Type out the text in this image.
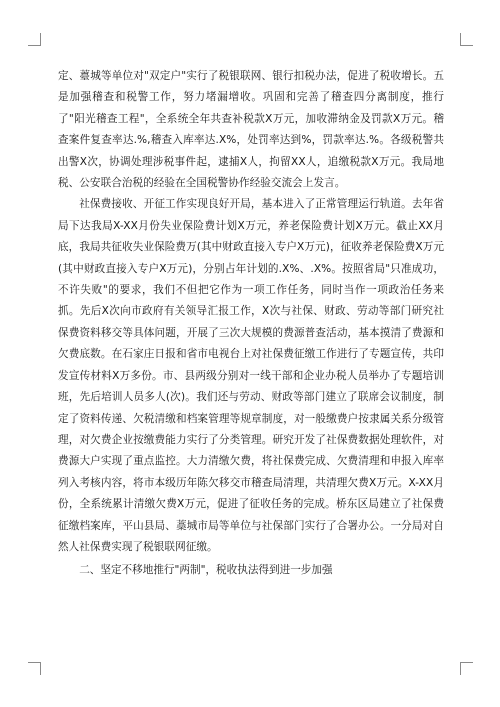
定、薹城等单位对"双定户"实行了税银联网、银行扣税办法，促进了税收增长。五是加强稽查和税警工作，努力堵漏增收。巩固和完善了稽查四分离制度，推行了"阳光稽查工程"，全系统全年共查补税款X万元，加收滞纳金及罚款X万元。稽查案件复查率达.%,稽查入库率达.X%，处罚率达到%，罚款率达.%。各级税警共出警X次，协调处理涉税事件起，逮捕X人，拘留XX人，追缴税款X万元。我局地税、公安联合治税的经验在全国税警协作经验交流会上发言。

社保费接收、开征工作实现良好开局，基本进入了正常管理运行轨道。去年省局下达我局X-XX月份失业保险费计划X万元，养老保险费计划X万元。截止XX月底，我局共征收失业保险费万(其中财政直接入专户X万元)，征收养老保险费X万元(其中财政直接入专户X万元)，分别占年计划的.X%、.X%。按照省局"只准成功，不许失败"的要求，我们不但把它作为一项工作任务，同时当作一项政治任务来抓。先后X次向市政府有关领导汇报工作，X次与社保、财政、劳动等部门研究社保费资料移交等具体问题，开展了三次大规模的费源普查活动，基本摸清了费源和欠费底数。在石家庄日报和省市电视台上对社保费征缴工作进行了专题宣传，共印发宣传材料X万多份。市、县两级分别对一线干部和企业办税人员举办了专题培训班，先后培训人员多人(次)。我们还与劳动、财政等部门建立了联席会议制度，制定了资料传递、欠税清缴和档案管理等规章制度，对一般缴费户按隶属关系分级管理，对欠费企业按缴费能力实行了分类管理。研究开发了社保费数据处理软件，对费源大户实现了重点监控。大力清缴欠费，将社保费完成、欠费清理和申报入库率列入考核内容，将市本级历年陈欠移交市稽查局清理，共清理欠费X万元。X-XX月份，全系统累计清缴欠费X万元，促进了征收任务的完成。桥东区局建立了社保费征缴档案库，平山县局、藁城市局等单位与社保部门实行了合署办公。一分局对自然人社保费实现了税银联网征缴。

二、坚定不移地推行"两制"，税收执法得到进一步加强
